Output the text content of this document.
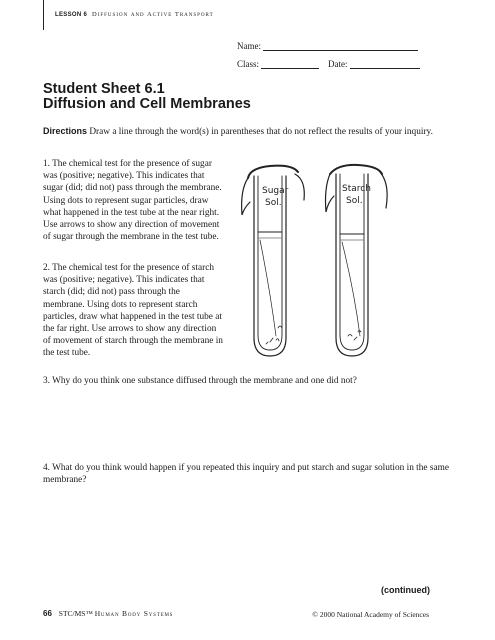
LESSON 6 Diffusion and Active Transport
Name:
Class:	Date:
Student Sheet 6.1
Diffusion and Cell Membranes
Directions Draw a line through the word(s) in parentheses that do not reflect the results of your inquiry.
1. The chemical test for the presence of sugar was (positive; negative). This indicates that sugar (did; did not) pass through the membrane. Using dots to represent sugar particles, draw what happened in the test tube at the near right. Use arrows to show any direction of movement of sugar through the membrane in the test tube.
2. The chemical test for the presence of starch was (positive; negative). This indicates that starch (did; did not) pass through the membrane. Using dots to represent starch particles, draw what happened in the test tube at the far right. Use arrows to show any direction of movement of starch through the membrane in the test tube.
3. Why do you think one substance diffused through the membrane and one did not?
4. What do you think would happen if you repeated this inquiry and put starch and sugar solution in the same membrane?
Sugar
Sol.
Starch
Sol.
(continued)
66 STC/MS™ Human Body Systems	© 2000 National Academy of Sciences
